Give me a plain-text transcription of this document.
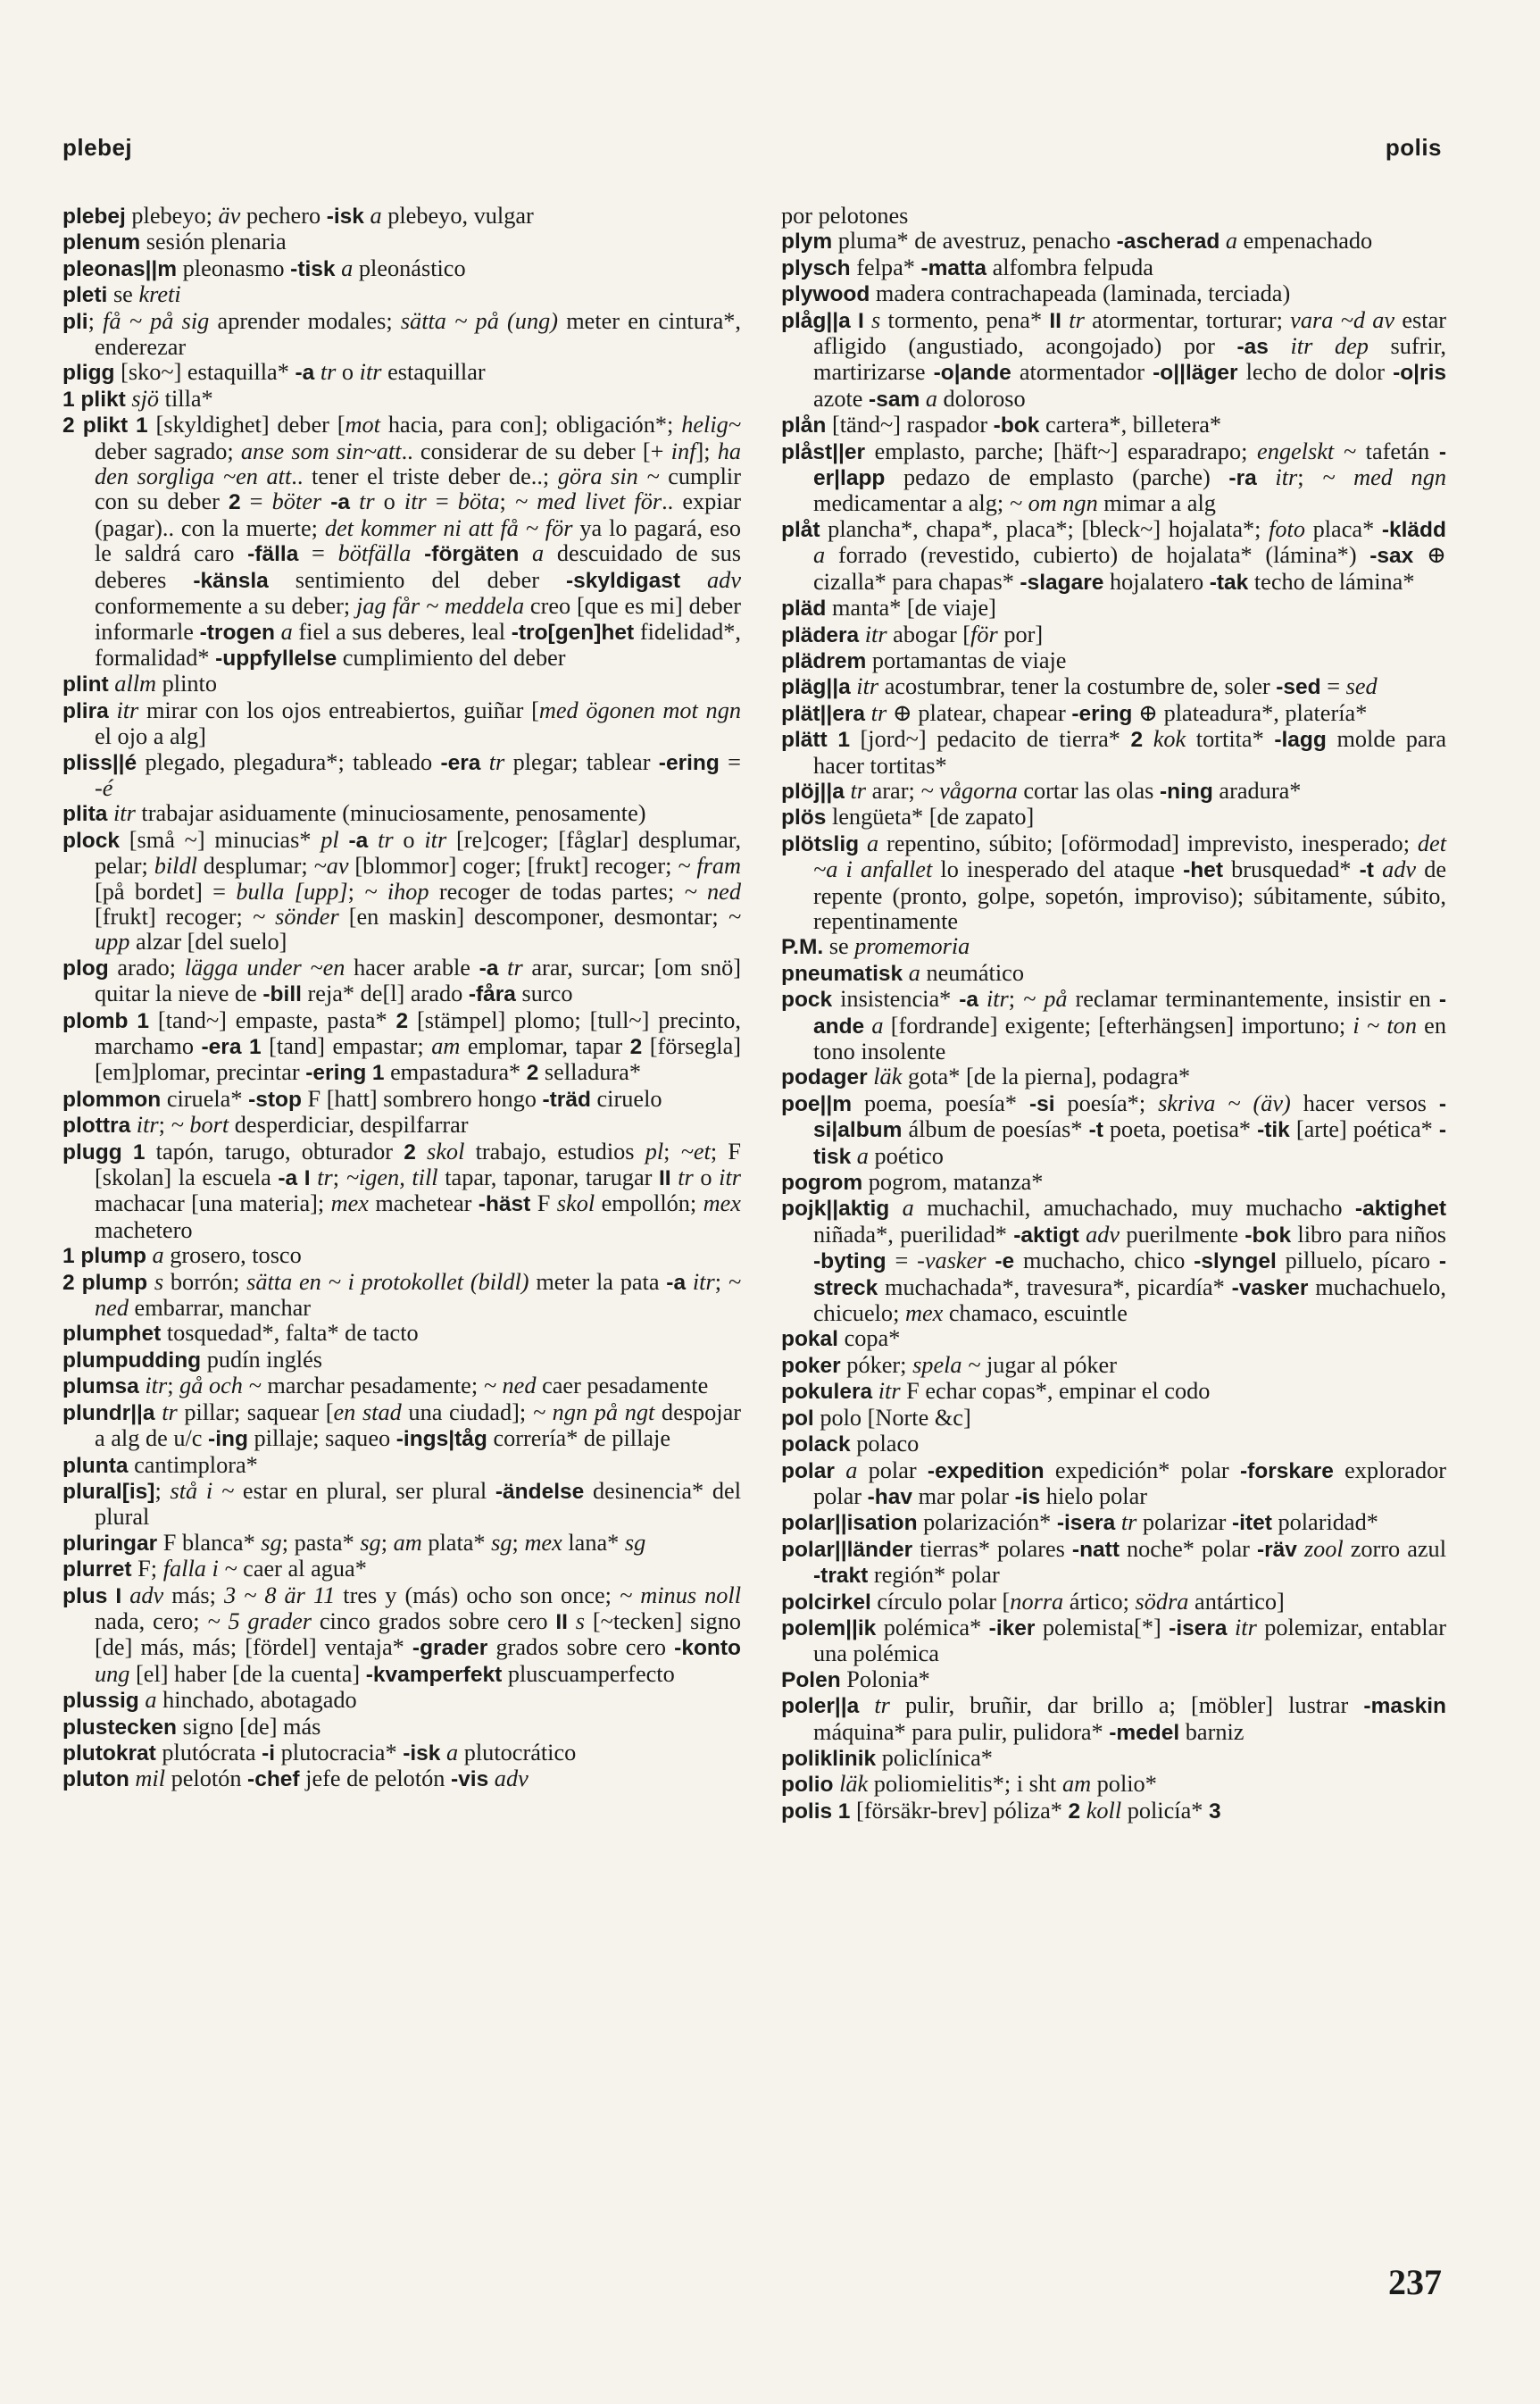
plebej	polis

plebej plebeyo; äv pechero -isk a plebeyo, vulgar

plenum sesión plenaria

pleonas||m pleonasmo -tisk a pleonástico

pleti se kreti

pli; få ~ på sig aprender modales; sätta ~ på (ung) meter en cintura*, enderezar

pligg [sko~] estaquilla* -a tr o itr estaquillar

1 plikt sjö tilla*

2 plikt 1 [skyldighet] deber [mot hacia, para con]; obligación*; helig~ deber sagrado; anse som sin~att.. considerar de su deber [+ inf]; ha den sorgliga ~en att.. tener el triste deber de..; göra sin ~ cumplir con su deber 2 = böter -a tr o itr = böta; ~ med livet för.. expiar (pagar).. con la muerte; det kommer ni att få ~ för ya lo pagará, eso le saldrá caro -fälla = bötfälla -förgäten a descuidado de sus deberes -känsla sentimiento del deber -skyldigast adv conformemente a su deber; jag får ~ meddela creo [que es mi] deber informarle -trogen a fiel a sus deberes, leal -tro[gen]het fidelidad*, formalidad* -uppfyllelse cumplimiento del deber

plint allm plinto

plira itr mirar con los ojos entreabiertos, guiñar [med ögonen mot ngn el ojo a alg]

pliss||é plegado, plegadura*; tableado -era tr plegar; tablear -ering = -é

plita itr trabajar asiduamente (minuciosamente, penosamente)

plock [små ~] minucias* pl -a tr o itr [re]coger; [fåglar] desplumar, pelar; bildl desplumar; ~av [blommor] coger; [frukt] recoger; ~ fram [på bordet] = bulla [upp]; ~ ihop recoger de todas partes; ~ ned [frukt] recoger; ~ sönder [en maskin] descomponer, desmontar; ~ upp alzar [del suelo]

plog arado; lägga under ~en hacer arable -a tr arar, surcar; [om snö] quitar la nieve de -bill reja* de[l] arado -fåra surco

plomb 1 [tand~] empaste, pasta* 2 [stämpel] plomo; [tull~] precinto, marchamo -era 1 [tand] empastar; am emplomar, tapar 2 [försegla] [em]plomar, precintar -ering 1 empastadura* 2 selladura*

plommon ciruela* -stop F [hatt] sombrero hongo -träd ciruelo

plottra itr; ~ bort desperdiciar, despilfarrar

plugg 1 tapón, tarugo, obturador 2 skol trabajo, estudios pl; ~et; F [skolan] la escuela -a I tr; ~igen, till tapar, taponar, tarugar II tr o itr machacar [una materia]; mex machetear -häst F skol empollón; mex machetero

1 plump a grosero, tosco

2 plump s borrón; sätta en ~ i protokollet (bildl) meter la pata -a itr; ~ ned embarrar, manchar

plumphet tosquedad*, falta* de tacto

plumpudding pudín inglés

plumsa itr; gå och ~ marchar pesadamente; ~ ned caer pesadamente

plundr||a tr pillar; saquear [en stad una ciudad]; ~ ngn på ngt despojar a alg de u/c -ing pillaje; saqueo -ings|tåg correría* de pillaje

plunta cantimplora*

plural[is]; stå i ~ estar en plural, ser plural -ändelse desinencia* del plural

pluringar F blanca* sg; pasta* sg; am plata* sg; mex lana* sg

plurret F; falla i ~ caer al agua*

plus I adv más; 3 ~ 8 är 11 tres y (más) ocho son once; ~ minus noll nada, cero; ~ 5 grader cinco grados sobre cero II s [~tecken] signo [de] más, más; [fördel] ventaja* -grader grados sobre cero -konto ung [el] haber [de la cuenta] -kvamperfekt pluscuamperfecto

plussig a hinchado, abotagado

plustecken signo [de] más

plutokrat plutócrata -i plutocracia* -isk a plutocrático

pluton mil pelotón -chef jefe de pelotón -vis adv

por pelotones

plym pluma* de avestruz, penacho -ascherad a empenachado

plysch felpa* -matta alfombra felpuda

plywood madera contrachapeada (laminada, terciada)

plåg||a I s tormento, pena* II tr atormentar, torturar; vara ~d av estar afligido (angustiado, acongojado) por -as itr dep sufrir, martirizarse -o|ande atormentador -o||läger lecho de dolor -o|ris azote -sam a doloroso

plån [tänd~] raspador -bok cartera*, billetera*

plåst||er emplasto, parche; [häft~] esparadrapo; engelskt ~ tafetán -er|lapp pedazo de emplasto (parche) -ra itr; ~ med ngn medicamentar a alg; ~ om ngn mimar a alg

plåt plancha*, chapa*, placa*; [bleck~] hojalata*; foto placa* -klädd a forrado (revestido, cubierto) de hojalata* (lámina*) -sax ⊕ cizalla* para chapas* -slagare hojalatero -tak techo de lámina*

pläd manta* [de viaje]

plädera itr abogar [för por]

plädrem portamantas de viaje

pläg||a itr acostumbrar, tener la costumbre de, soler -sed = sed

plät||era tr ⊕ platear, chapear -ering ⊕ plateadura*, platería*

plätt 1 [jord~] pedacito de tierra* 2 kok tortita* -lagg molde para hacer tortitas*

plöj||a tr arar; ~ vågorna cortar las olas -ning aradura*

plös lengüeta* [de zapato]

plötslig a repentino, súbito; [oförmodad] imprevisto, inesperado; det ~a i anfallet lo inesperado del ataque -het brusquedad* -t adv de repente (pronto, golpe, sopetón, improviso); súbitamente, súbito, repentinamente

P.M. se promemoria

pneumatisk a neumático

pock insistencia* -a itr; ~ på reclamar terminantemente, insistir en -ande a [fordrande] exigente; [efterhängsen] importuno; i ~ ton en tono insolente

podager läk gota* [de la pierna], podagra*

poe||m poema, poesía* -si poesía*; skriva ~ (äv) hacer versos -si|album álbum de poesías* -t poeta, poetisa* -tik [arte] poética* -tisk a poético

pogrom pogrom, matanza*

pojk||aktig a muchachil, amuchachado, muy muchacho -aktighet niñada*, puerilidad* -aktigt adv puerilmente -bok libro para niños -byting = -vasker -e muchacho, chico -slyngel pilluelo, pícaro -streck muchachada*, travesura*, picardía* -vasker muchachuelo, chicuelo; mex chamaco, escuintle

pokal copa*

poker póker; spela ~ jugar al póker

pokulera itr F echar copas*, empinar el codo

pol polo [Norte &c]

polack polaco

polar a polar -expedition expedición* polar -forskare explorador polar -hav mar polar -is hielo polar

polar||isation polarización* -isera tr polarizar -itet polaridad*

polar||länder tierras* polares -natt noche* polar -räv zool zorro azul -trakt región* polar

polcirkel círculo polar [norra ártico; södra antártico]

polem||ik polémica* -iker polemista[*] -isera itr polemizar, entablar una polémica

Polen Polonia*

poler||a tr pulir, bruñir, dar brillo a; [möbler] lustrar -maskin máquina* para pulir, pulidora* -medel barniz

poliklinik policlínica*

polio läk poliomielitis*; i sht am polio*

polis 1 [försäkr-brev] póliza* 2 koll policía* 3

237
